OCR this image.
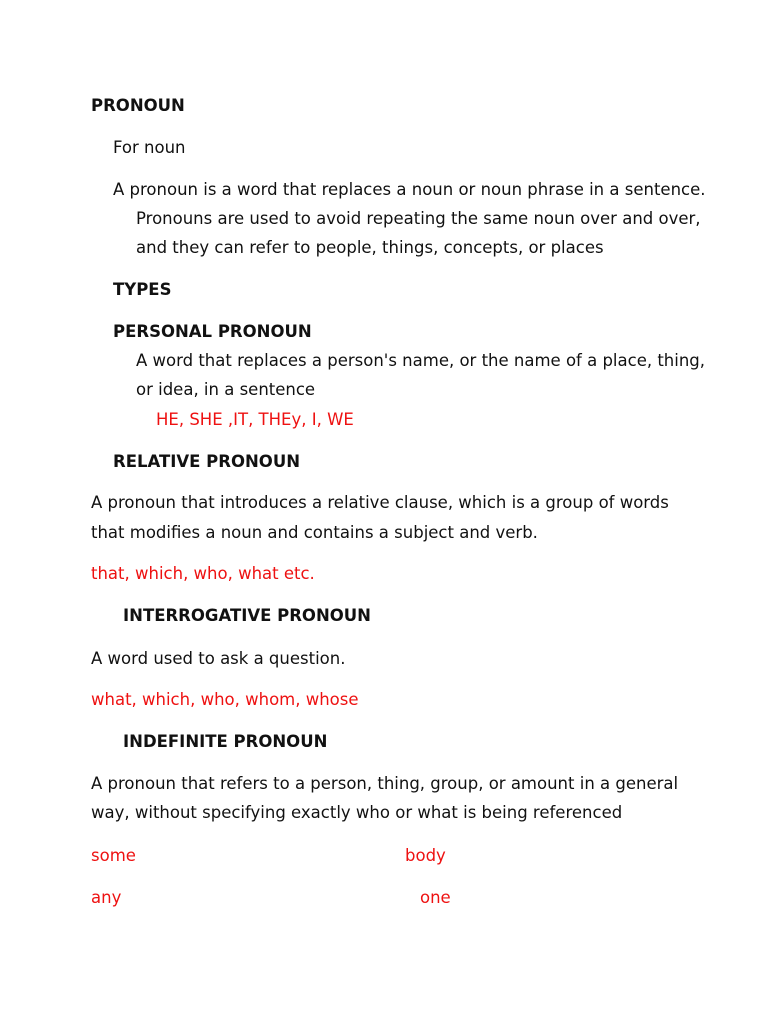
PRONOUN
For noun
A pronoun is a word that replaces a noun or noun phrase in a sentence.
Pronouns are used to avoid repeating the same noun over and over,
and they can refer to people, things, concepts, or places
TYPES
PERSONAL PRONOUN
A word that replaces a person's name, or the name of a place, thing,
or idea, in a sentence
HE, SHE ,IT, THEy, I, WE
RELATIVE PRONOUN
A pronoun that introduces a relative clause, which is a group of words
that modifies a noun and contains a subject and verb.
that, which, who, what etc.
INTERROGATIVE PRONOUN
A word used to ask a question.
what, which, who, whom, whose
INDEFINITE PRONOUN
A pronoun that refers to a person, thing, group, or amount in a general
way, without specifying exactly who or what is being referenced
some	body
any	one
